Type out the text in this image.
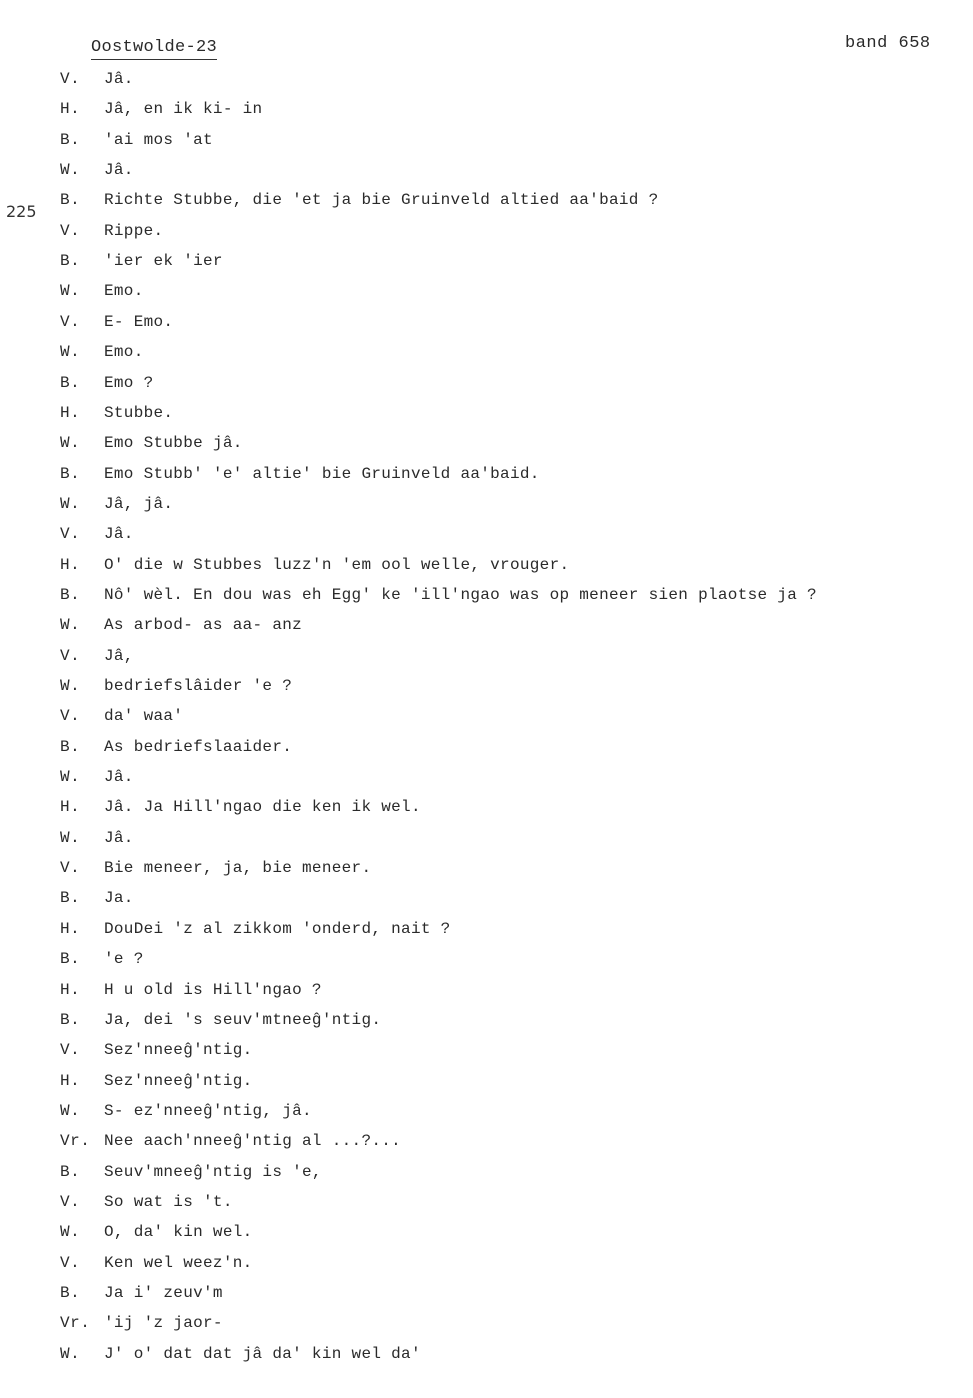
Oostwolde-23	band 658
225
V. Jâ.
H. Jâ, en ik ki- in
B. 'ai mos 'at
W. Jâ.
B. Richte Stubbe, die 'et ja bie Gruinveld altied aa'baid ?
V. Rippe.
B. 'ier ek 'ier
W. Emo.
V. E- Emo.
W. Emo.
B. Emo ?
H. Stubbe.
W. Emo Stubbe jâ.
B. Emo Stubb' 'e' altie' bie Gruinveld aa'baid.
W. Jâ, jâ.
V. Jâ.
H. O' die w Stubbes luzz'n 'em ool welle, vrouger.
B. Nô' wèl. En dou was eh Egg' ke 'ill'ngao was op meneer sien plaotse ja ?
W. As arbod- as aa- anz
V. Jâ,
W. bedriefslâider 'e ?
V. da' waa'
B. As bedriefslaaider.
W. Jâ.
H. Jâ. Ja Hill'ngao die ken ik wel.
W. Jâ.
V. Bie meneer, ja, bie meneer.
B. Ja.
H. DouDei 'z al zikkom 'onderd, nait ?
B. 'e ?
H. H u old is Hill'ngao ?
B. Ja, dei 's seuv'mtneeĝ'ntig.
V. Sez'nneeĝ'ntig.
H. Sez'nneeĝ'ntig.
W. S- ez'nneeĝ'ntig, jâ.
Vr. Nee aach'nneeĝ'ntig al ...?...
B. Seuv'mneeĝ'ntig is 'e,
V. So wat is 't.
W. O, da' kin wel.
V. Ken wel weez'n.
B. Ja i' zeuv'm
Vr. 'ij 'z jaor-
W. J' o' dat dat jâ da' kin wel da'
